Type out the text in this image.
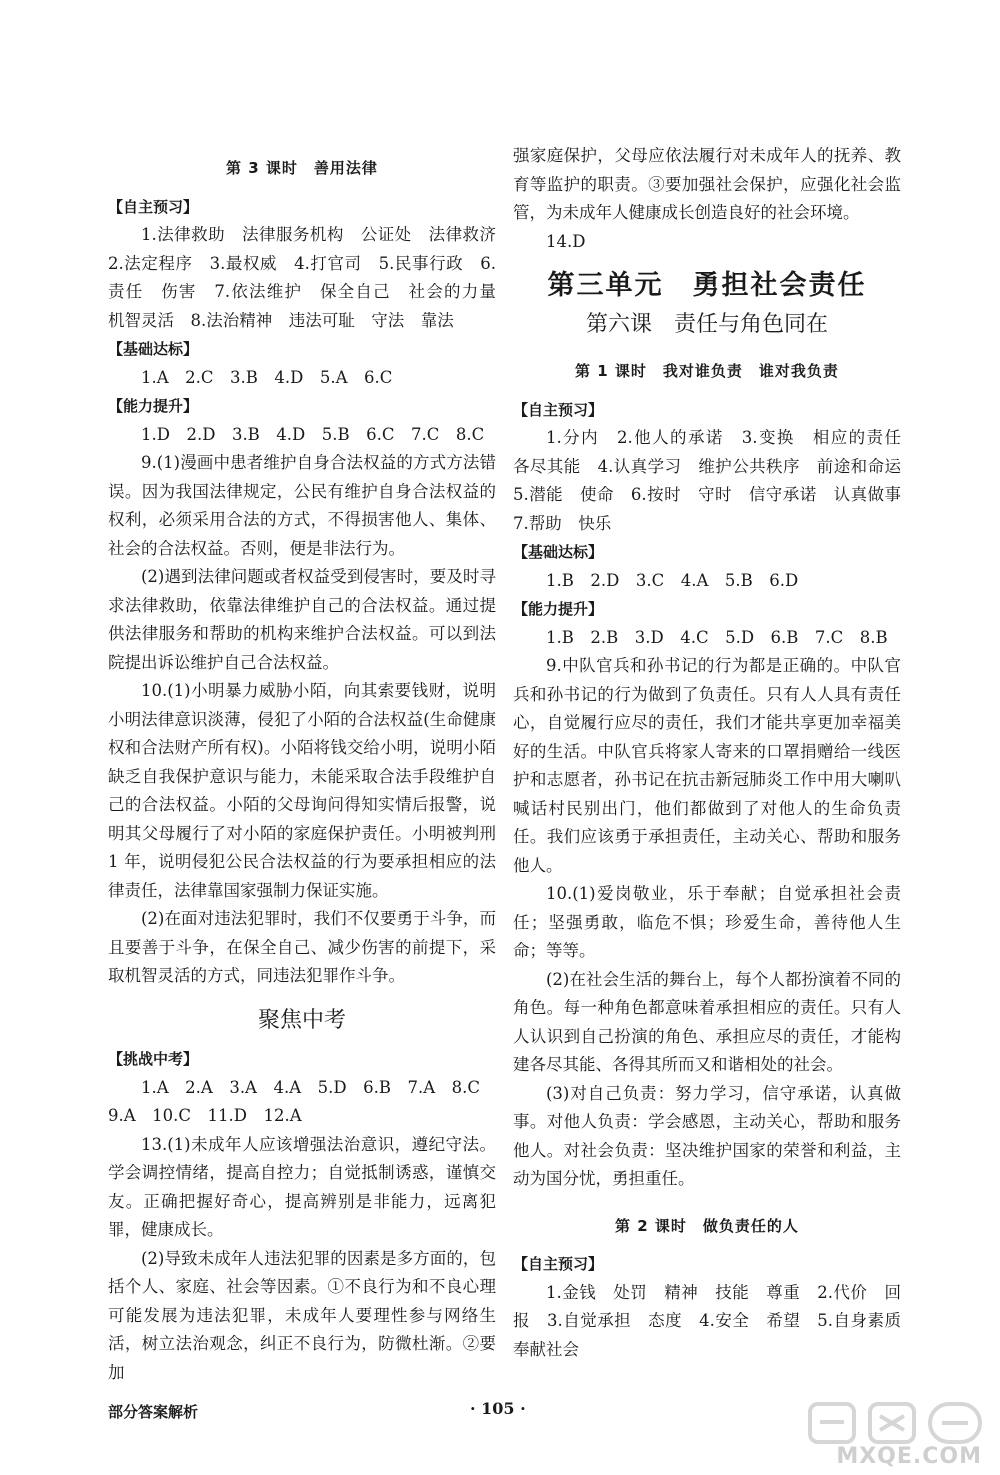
第 3 课时　善用法律
【自主预习】

1.法律救助　法律服务机构　公证处　法律救济　2.法定程序　3.最权威　4.打官司　5.民事行政　6.责任　伤害　7.依法维护　保全自己　社会的力量　机智灵活　8.法治精神　违法可耻　守法　靠法

【基础达标】

1.A　2.C　3.B　4.D　5.A　6.C

【能力提升】

1.D　2.D　3.B　4.D　5.B　6.C　7.C　8.C

9.(1)漫画中患者维护自身合法权益的方式方法错误。因为我国法律规定，公民有维护自身合法权益的权利，必须采用合法的方式，不得损害他人、集体、社会的合法权益。否则，便是非法行为。

(2)遇到法律问题或者权益受到侵害时，要及时寻求法律救助，依靠法律维护自己的合法权益。通过提供法律服务和帮助的机构来维护合法权益。可以到法院提出诉讼维护自己合法权益。

10.(1)小明暴力威胁小陌，向其索要钱财，说明小明法律意识淡薄，侵犯了小陌的合法权益(生命健康权和合法财产所有权)。小陌将钱交给小明，说明小陌缺乏自我保护意识与能力，未能采取合法手段维护自己的合法权益。小陌的父母询问得知实情后报警，说明其父母履行了对小陌的家庭保护责任。小明被判刑 1 年，说明侵犯公民合法权益的行为要承担相应的法律责任，法律靠国家强制力保证实施。

(2)在面对违法犯罪时，我们不仅要勇于斗争，而且要善于斗争，在保全自己、减少伤害的前提下，采取机智灵活的方式，同违法犯罪作斗争。

聚焦中考
【挑战中考】

1.A　2.A　3.A　4.A　5.D　6.B　7.A　8.C

9.A　10.C　11.D　12.A

13.(1)未成年人应该增强法治意识，遵纪守法。学会调控情绪，提高自控力；自觉抵制诱惑，谨慎交友。正确把握好奇心，提高辨别是非能力，远离犯罪，健康成长。

(2)导致未成年人违法犯罪的因素是多方面的，包括个人、家庭、社会等因素。①不良行为和不良心理可能发展为违法犯罪，未成年人要理性参与网络生活，树立法治观念，纠正不良行为，防微杜渐。②要加

强家庭保护，父母应依法履行对未成年人的抚养、教育等监护的职责。③要加强社会保护，应强化社会监管，为未成年人健康成长创造良好的社会环境。

14.D

第三单元　勇担社会责任
第六课　责任与角色同在
第 1 课时　我对谁负责　谁对我负责
【自主预习】

1.分内　2.他人的承诺　3.变换　相应的责任　各尽其能　4.认真学习　维护公共秩序　前途和命运　5.潜能　使命　6.按时　守时　信守承诺　认真做事　7.帮助　快乐

【基础达标】

1.B　2.D　3.C　4.A　5.B　6.D

【能力提升】

1.B　2.B　3.D　4.C　5.D　6.B　7.C　8.B

9.中队官兵和孙书记的行为都是正确的。中队官兵和孙书记的行为做到了负责任。只有人人具有责任心，自觉履行应尽的责任，我们才能共享更加幸福美好的生活。中队官兵将家人寄来的口罩捐赠给一线医护和志愿者，孙书记在抗击新冠肺炎工作中用大喇叭喊话村民别出门，他们都做到了对他人的生命负责任。我们应该勇于承担责任，主动关心、帮助和服务他人。

10.(1)爱岗敬业，乐于奉献；自觉承担社会责任；坚强勇敢，临危不惧；珍爱生命，善待他人生命；等等。

(2)在社会生活的舞台上，每个人都扮演着不同的角色。每一种角色都意味着承担相应的责任。只有人人认识到自己扮演的角色、承担应尽的责任，才能构建各尽其能、各得其所而又和谐相处的社会。

(3)对自己负责：努力学习，信守承诺，认真做事。对他人负责：学会感恩，主动关心，帮助和服务他人。对社会负责：坚决维护国家的荣誉和利益，主动为国分忧，勇担重任。

第 2 课时　做负责任的人
【自主预习】

1.金钱　处罚　精神　技能　尊重　2.代价　回报　3.自觉承担　态度　4.安全　希望　5.自身素质　奉献社会

部分答案解析	· 105 ·
MXQE.COM
